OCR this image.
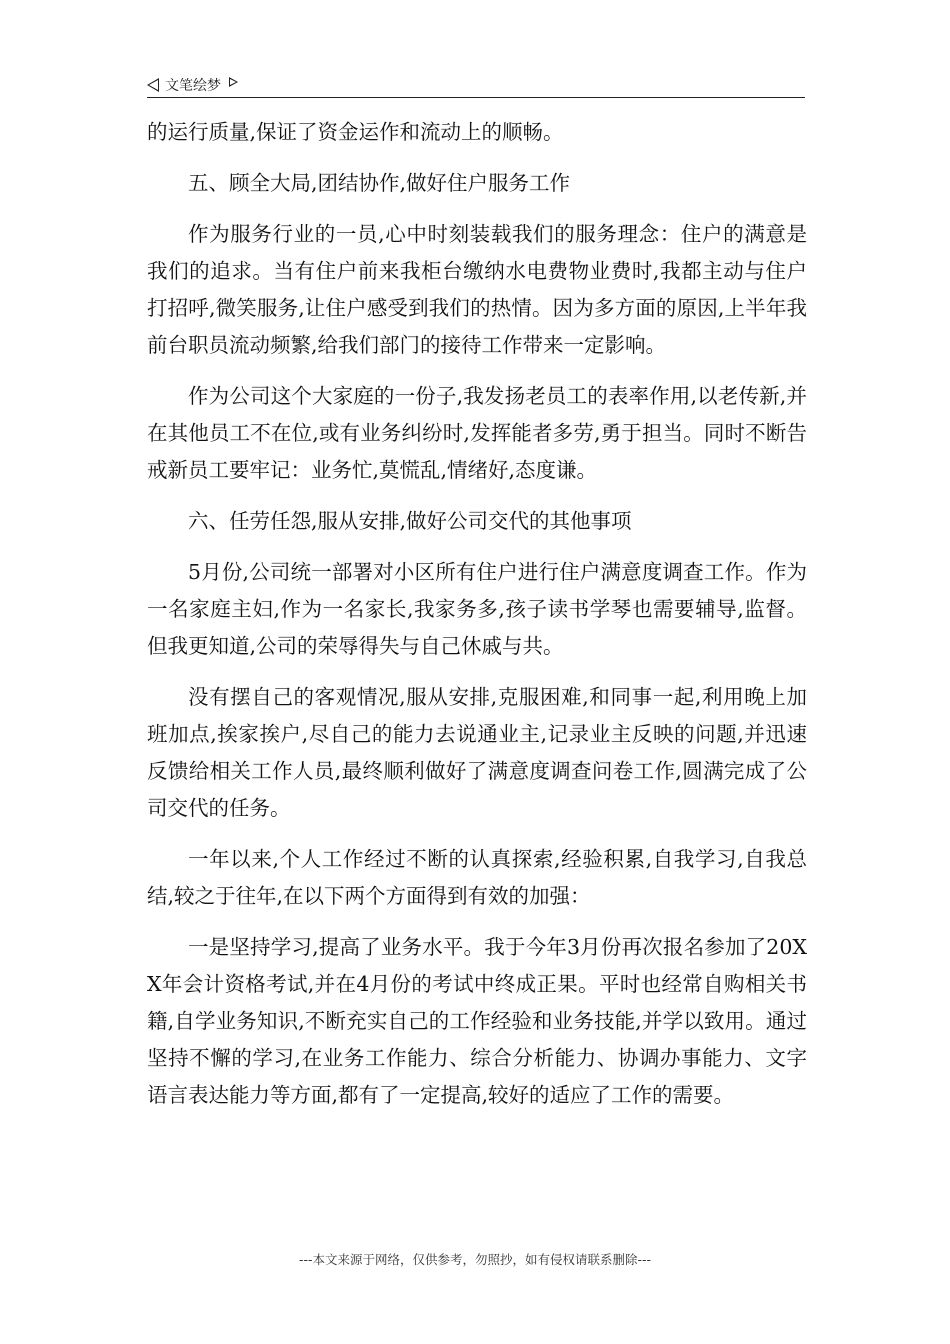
文笔绘梦

的运行质量,保证了资金运作和流动上的顺畅。

五、顾全大局,团结协作,做好住户服务工作

作为服务行业的一员,心中时刻装载我们的服务理念：住户的满意是我们的追求。当有住户前来我柜台缴纳水电费物业费时,我都主动与住户打招呼,微笑服务,让住户感受到我们的热情。因为多方面的原因,上半年我前台职员流动频繁,给我们部门的接待工作带来一定影响。

作为公司这个大家庭的一份子,我发扬老员工的表率作用,以老传新,并在其他员工不在位,或有业务纠纷时,发挥能者多劳,勇于担当。同时不断告戒新员工要牢记：业务忙,莫慌乱,情绪好,态度谦。

六、任劳任怨,服从安排,做好公司交代的其他事项

5月份,公司统一部署对小区所有住户进行住户满意度调查工作。作为一名家庭主妇,作为一名家长,我家务多,孩子读书学琴也需要辅导,监督。但我更知道,公司的荣辱得失与自己休戚与共。

没有摆自己的客观情况,服从安排,克服困难,和同事一起,利用晚上加班加点,挨家挨户,尽自己的能力去说通业主,记录业主反映的问题,并迅速反馈给相关工作人员,最终顺利做好了满意度调查问卷工作,圆满完成了公司交代的任务。

一年以来,个人工作经过不断的认真探索,经验积累,自我学习,自我总结,较之于往年,在以下两个方面得到有效的加强：

一是坚持学习,提高了业务水平。我于今年3月份再次报名参加了20XX年会计资格考试,并在4月份的考试中终成正果。平时也经常自购相关书籍,自学业务知识,不断充实自己的工作经验和业务技能,并学以致用。通过坚持不懈的学习,在业务工作能力、综合分析能力、协调办事能力、文字语言表达能力等方面,都有了一定提高,较好的适应了工作的需要。

---本文来源于网络，仅供参考，勿照抄，如有侵权请联系删除---
